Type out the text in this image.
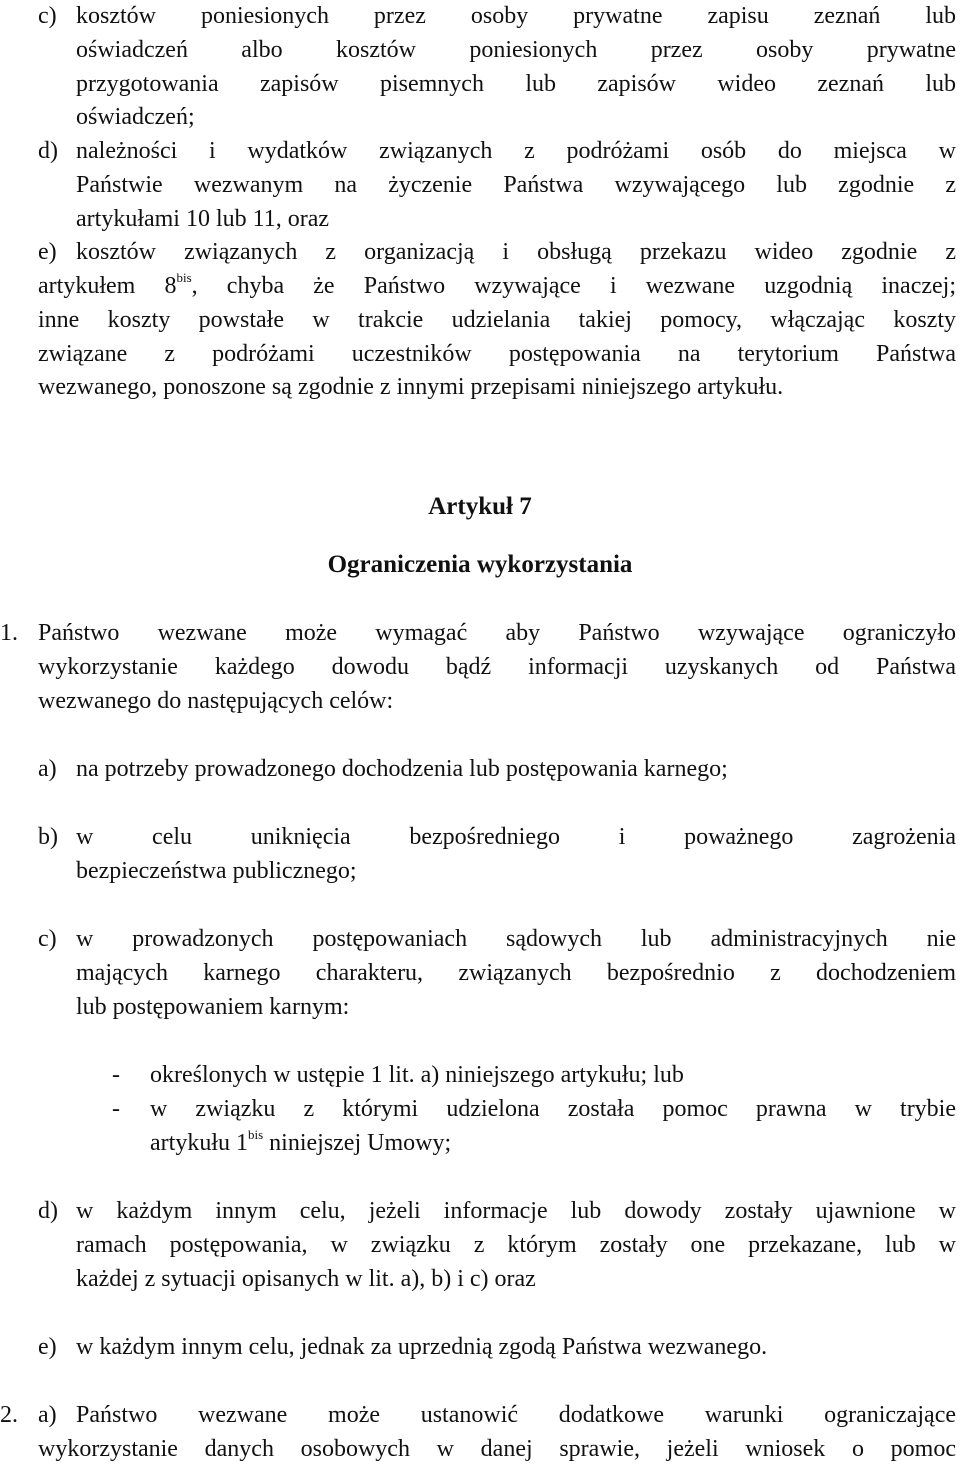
c) kosztów poniesionych przez osoby prywatne zapisu zeznań lub
oświadczeń albo kosztów poniesionych przez osoby prywatne
przygotowania zapisów pisemnych lub zapisów wideo zeznań lub
oświadczeń;
d) należności i wydatków związanych z podróżami osób do miejsca w
Państwie wezwanym na życzenie Państwa wzywającego lub zgodnie z
artykułami 10 lub 11, oraz
e) kosztów związanych z organizacją i obsługą przekazu wideo zgodnie z
artykułem $8^{bis}$, chyba że Państwo wzywające i wezwane uzgodnią inaczej;
inne koszty powstałe w trakcie udzielania takiej pomocy, włączając koszty
związane z podróżami uczestników postępowania na terytorium Państwa
wezwanego, ponoszone są zgodnie z innymi przepisami niniejszego artykułu.
Artykuł 7
Ograniczenia wykorzystania
1. Państwo wezwane może wymagać aby Państwo wzywające ograniczyło
wykorzystanie każdego dowodu bądź informacji uzyskanych od Państwa
wezwanego do następujących celów:
a) na potrzeby prowadzonego dochodzenia lub postępowania karnego;
b) w celu uniknięcia bezpośredniego i poważnego zagrożenia
bezpieczeństwa publicznego;
c) w prowadzonych postępowaniach sądowych lub administracyjnych nie
mających karnego charakteru, związanych bezpośrednio z dochodzeniem
lub postępowaniem karnym:
- określonych w ustępie 1 lit. a) niniejszego artykułu; lub
- w związku z którymi udzielona została pomoc prawna w trybie
artykułu $1^{bis}$ niniejszej Umowy;
d) w każdym innym celu, jeżeli informacje lub dowody zostały ujawnione w
ramach postępowania, w związku z którym zostały one przekazane, lub w
każdej z sytuacji opisanych w lit. a), b) i c) oraz
e) w każdym innym celu, jednak za uprzednią zgodą Państwa wezwanego.
2. a) Państwo wezwane może ustanowić dodatkowe warunki ograniczające
wykorzystanie danych osobowych w danej sprawie, jeżeli wniosek o pomoc
